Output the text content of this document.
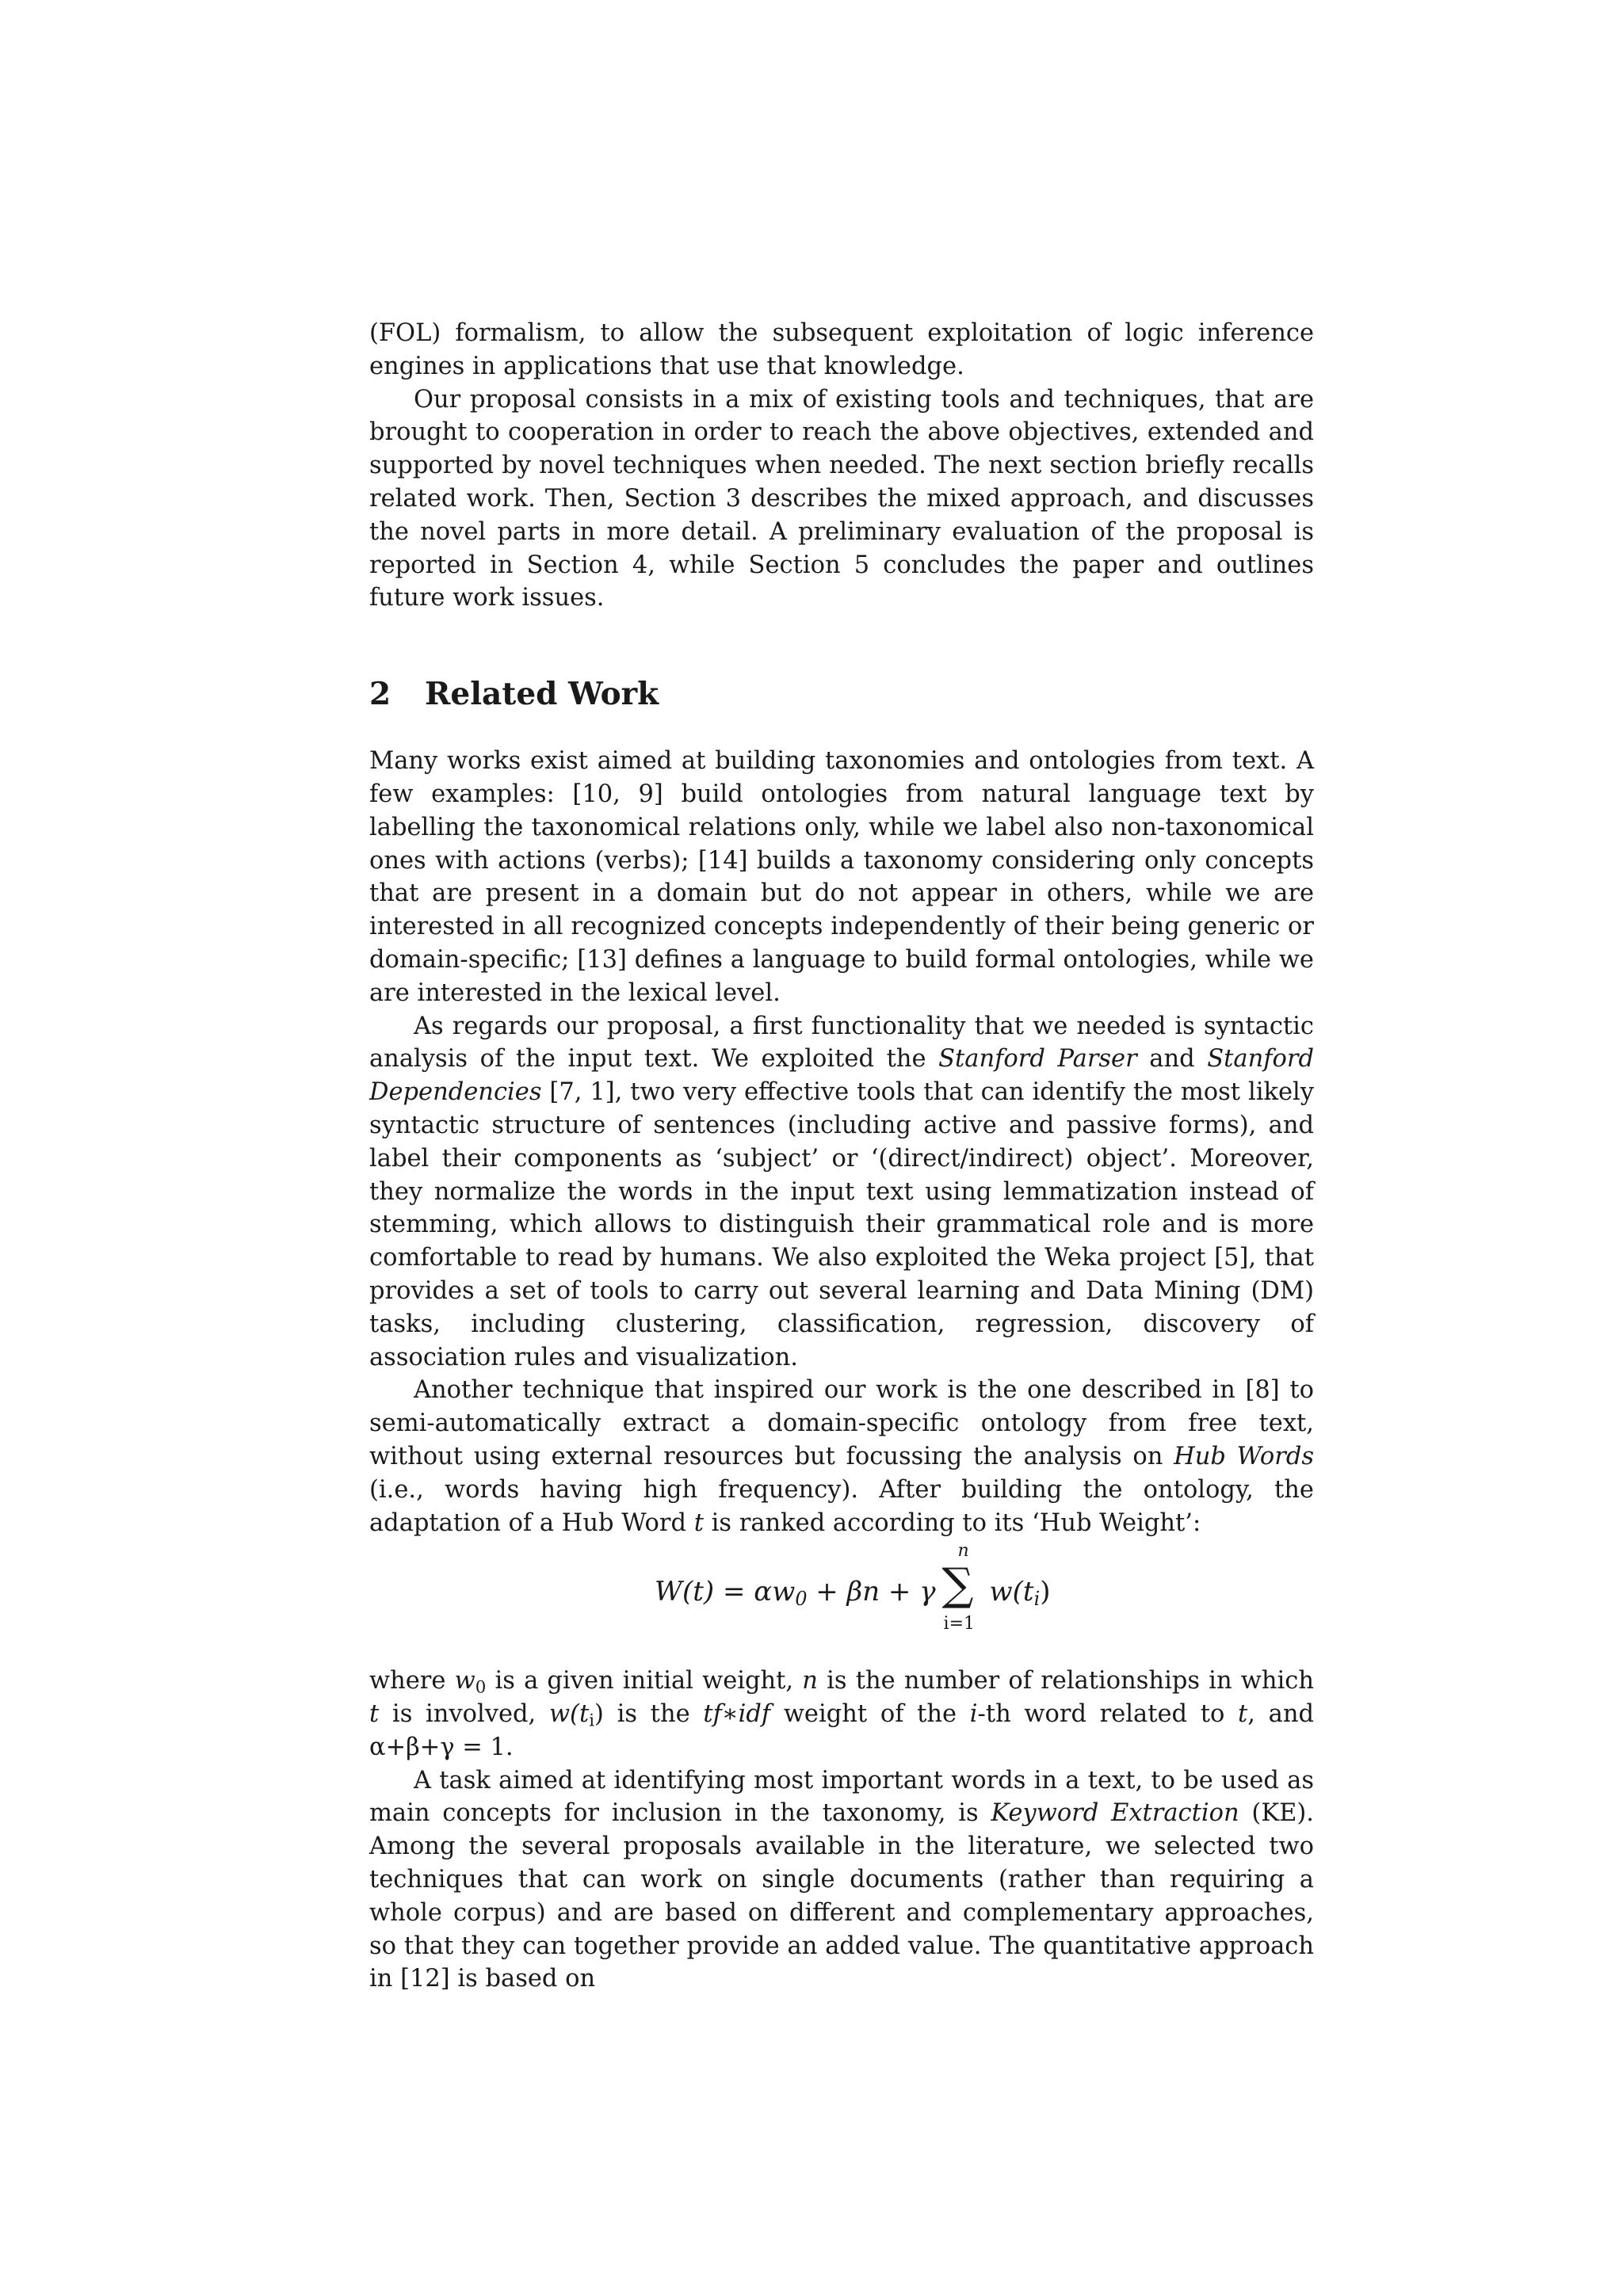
(FOL) formalism, to allow the subsequent exploitation of logic inference engines in applications that use that knowledge.

Our proposal consists in a mix of existing tools and techniques, that are brought to cooperation in order to reach the above objectives, extended and supported by novel techniques when needed. The next section briefly recalls related work. Then, Section 3 describes the mixed approach, and discusses the novel parts in more detail. A preliminary evaluation of the proposal is reported in Section 4, while Section 5 concludes the paper and outlines future work issues.

2 Related Work

Many works exist aimed at building taxonomies and ontologies from text. A few examples: [10, 9] build ontologies from natural language text by labelling the taxonomical relations only, while we label also non-taxonomical ones with actions (verbs); [14] builds a taxonomy considering only concepts that are present in a domain but do not appear in others, while we are interested in all recognized concepts independently of their being generic or domain-specific; [13] defines a language to build formal ontologies, while we are interested in the lexical level.

As regards our proposal, a first functionality that we needed is syntactic analysis of the input text. We exploited the Stanford Parser and Stanford Dependencies [7, 1], two very effective tools that can identify the most likely syntactic structure of sentences (including active and passive forms), and label their components as ‘subject’ or ‘(direct/indirect) object’. Moreover, they normalize the words in the input text using lemmatization instead of stemming, which allows to distinguish their grammatical role and is more comfortable to read by humans. We also exploited the Weka project [5], that provides a set of tools to carry out several learning and Data Mining (DM) tasks, including clustering, classification, regression, discovery of association rules and visualization.

Another technique that inspired our work is the one described in [8] to semi-automatically extract a domain-specific ontology from free text, without using external resources but focussing the analysis on Hub Words (i.e., words having high frequency). After building the ontology, the adaptation of a Hub Word t is ranked according to its ‘Hub Weight’:

$W(t) = \alpha w_0 + \beta n + \gamma$
n
∑
i=1
$w(t_i)$

where $w_0$ is a given initial weight, n is the number of relationships in which t is involved, $w(t_i)$ is the tf∗idf weight of the i-th word related to t, and α+β+γ = 1.

A task aimed at identifying most important words in a text, to be used as main concepts for inclusion in the taxonomy, is Keyword Extraction (KE). Among the several proposals available in the literature, we selected two techniques that can work on single documents (rather than requiring a whole corpus) and are based on different and complementary approaches, so that they can together provide an added value. The quantitative approach in [12] is based on
